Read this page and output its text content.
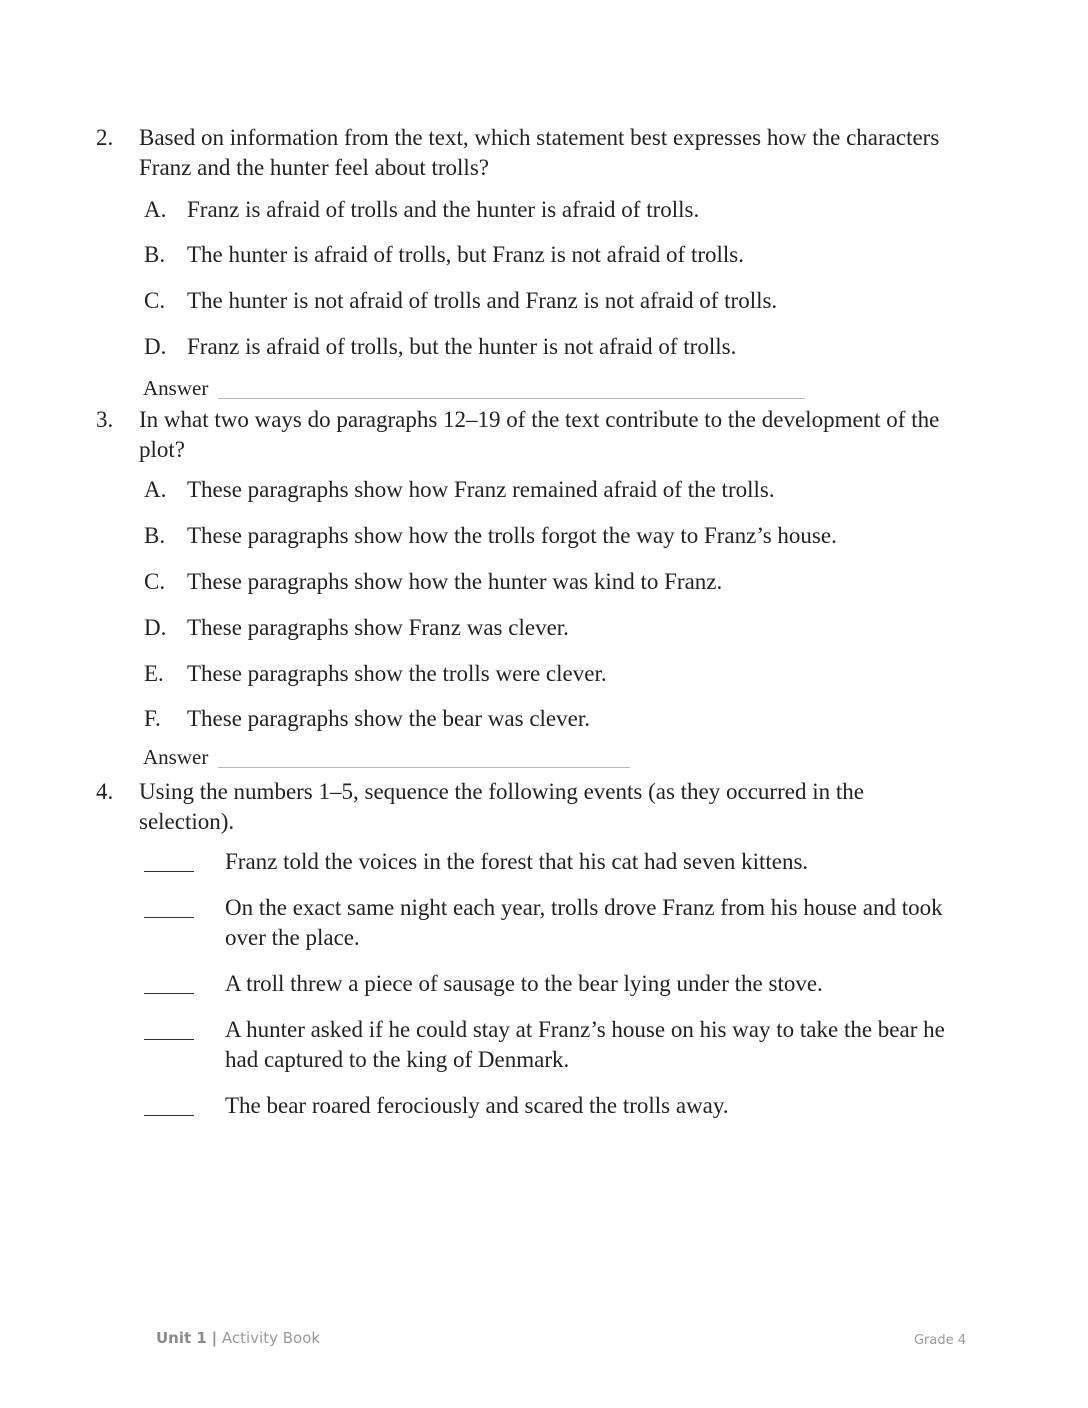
2. Based on information from the text, which statement best expresses how the characters Franz and the hunter feel about trolls?
A. Franz is afraid of trolls and the hunter is afraid of trolls.
B. The hunter is afraid of trolls, but Franz is not afraid of trolls.
C. The hunter is not afraid of trolls and Franz is not afraid of trolls.
D. Franz is afraid of trolls, but the hunter is not afraid of trolls.
Answer
3. In what two ways do paragraphs 12–19 of the text contribute to the development of the plot?
A. These paragraphs show how Franz remained afraid of the trolls.
B. These paragraphs show how the trolls forgot the way to Franz’s house.
C. These paragraphs show how the hunter was kind to Franz.
D. These paragraphs show Franz was clever.
E. These paragraphs show the trolls were clever.
F. These paragraphs show the bear was clever.
Answer
4. Using the numbers 1–5, sequence the following events (as they occurred in the selection).
Franz told the voices in the forest that his cat had seven kittens.
On the exact same night each year, trolls drove Franz from his house and took over the place.
A troll threw a piece of sausage to the bear lying under the stove.
A hunter asked if he could stay at Franz’s house on his way to take the bear he had captured to the king of Denmark.
The bear roared ferociously and scared the trolls away.
Unit 1 | Activity Book	Grade 4
